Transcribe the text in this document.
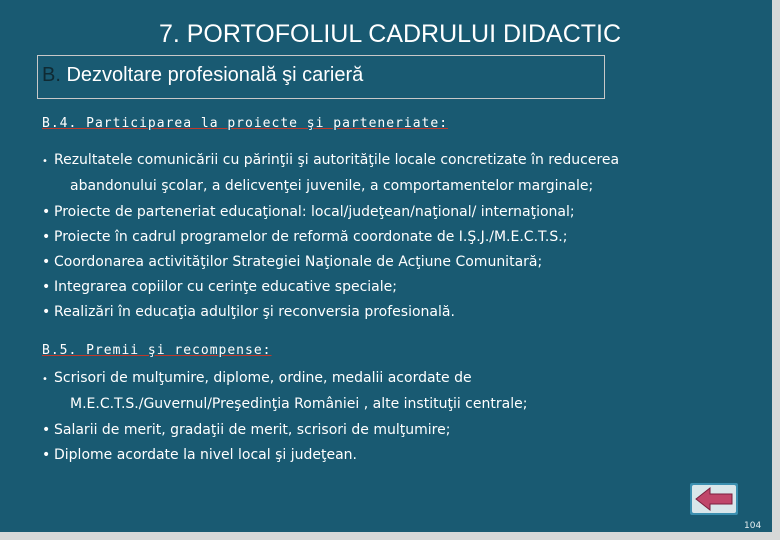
7. PORTOFOLIUL CADRULUI DIDACTIC
B. Dezvoltare profesională şi carieră
B.4. Participarea la proiecte şi parteneriate:
• Rezultatele comunicării cu părinţii şi autorităţile locale concretizate în reducerea
abandonului şcolar, a delicvenţei juvenile, a comportamentelor marginale;
• Proiecte de parteneriat educaţional: local/judeţean/naţional/ internaţional;
• Proiecte în cadrul programelor de reformă coordonate de I.Ş.J./M.E.C.T.S.;
• Coordonarea activităţilor Strategiei Naţionale de Acţiune Comunitară;
• Integrarea copiilor cu cerinţe educative speciale;
• Realizări în educaţia adulţilor şi reconversia profesională.
B.5. Premii şi recompense:
• Scrisori de mulţumire, diplome, ordine, medalii acordate de
M.E.C.T.S./Guvernul/Preşedinţia României , alte instituţii centrale;
• Salarii de merit, gradaţii de merit, scrisori de mulţumire;
• Diplome acordate la nivel local şi judeţean.
104
